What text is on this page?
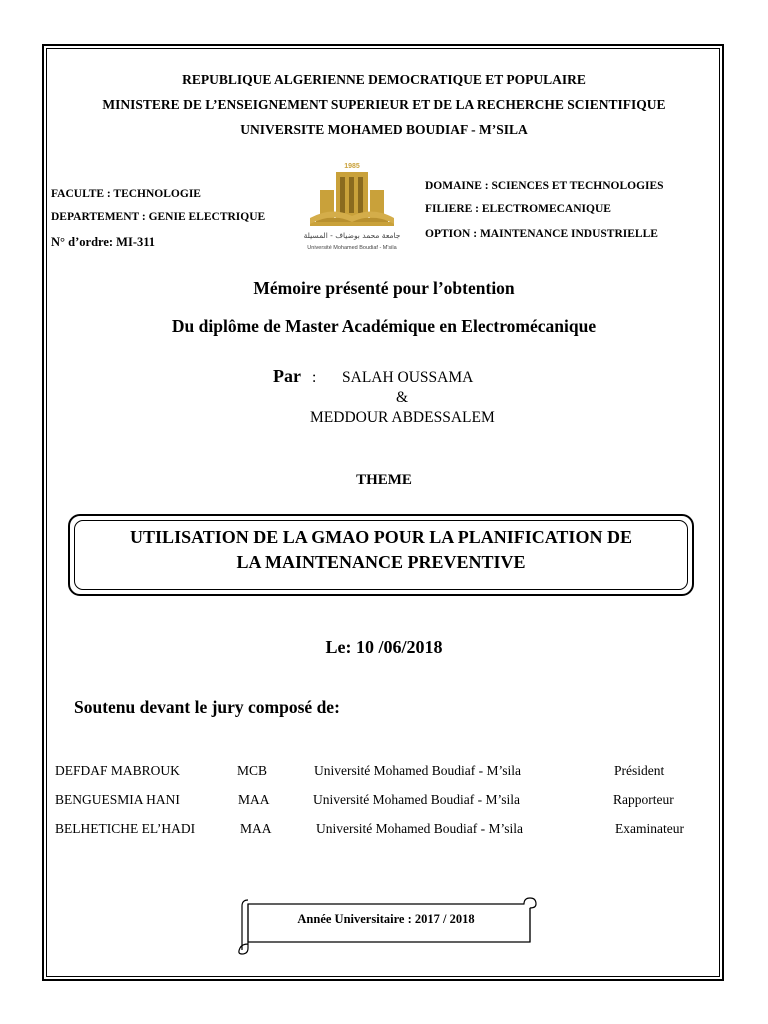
REPUBLIQUE ALGERIENNE DEMOCRATIQUE ET POPULAIRE
MINISTERE DE L’ENSEIGNEMENT SUPERIEUR ET DE LA RECHERCHE SCIENTIFIQUE
UNIVERSITE MOHAMED BOUDIAF - M’SILA
FACULTE : TECHNOLOGIE
DEPARTEMENT : GENIE ELECTRIQUE
N° d’ordre: MI-311
1985
جامعة محمد بوضياف - المسيلة
Université Mohamed Boudiaf - M'sila
DOMAINE : SCIENCES ET TECHNOLOGIES
FILIERE : ELECTROMECANIQUE
OPTION : MAINTENANCE INDUSTRIELLE
Mémoire présenté pour l’obtention
Du diplôme de Master Académique en Electromécanique
Par : SALAH OUSSAMA
&
MEDDOUR ABDESSALEM
THEME
UTILISATION DE LA GMAO POUR LA PLANIFICATION DE
LA MAINTENANCE PREVENTIVE
Le: 10 /06/2018
Soutenu devant le jury composé de:
DEFDAF MABROUK	MCB	Université Mohamed Boudiaf - M’sila	Président
BENGUESMIA HANI	MAA	Université Mohamed Boudiaf - M’sila	Rapporteur
BELHETICHE EL’HADI	MAA	Université Mohamed Boudiaf - M’sila	Examinateur
Année Universitaire : 2017 / 2018
